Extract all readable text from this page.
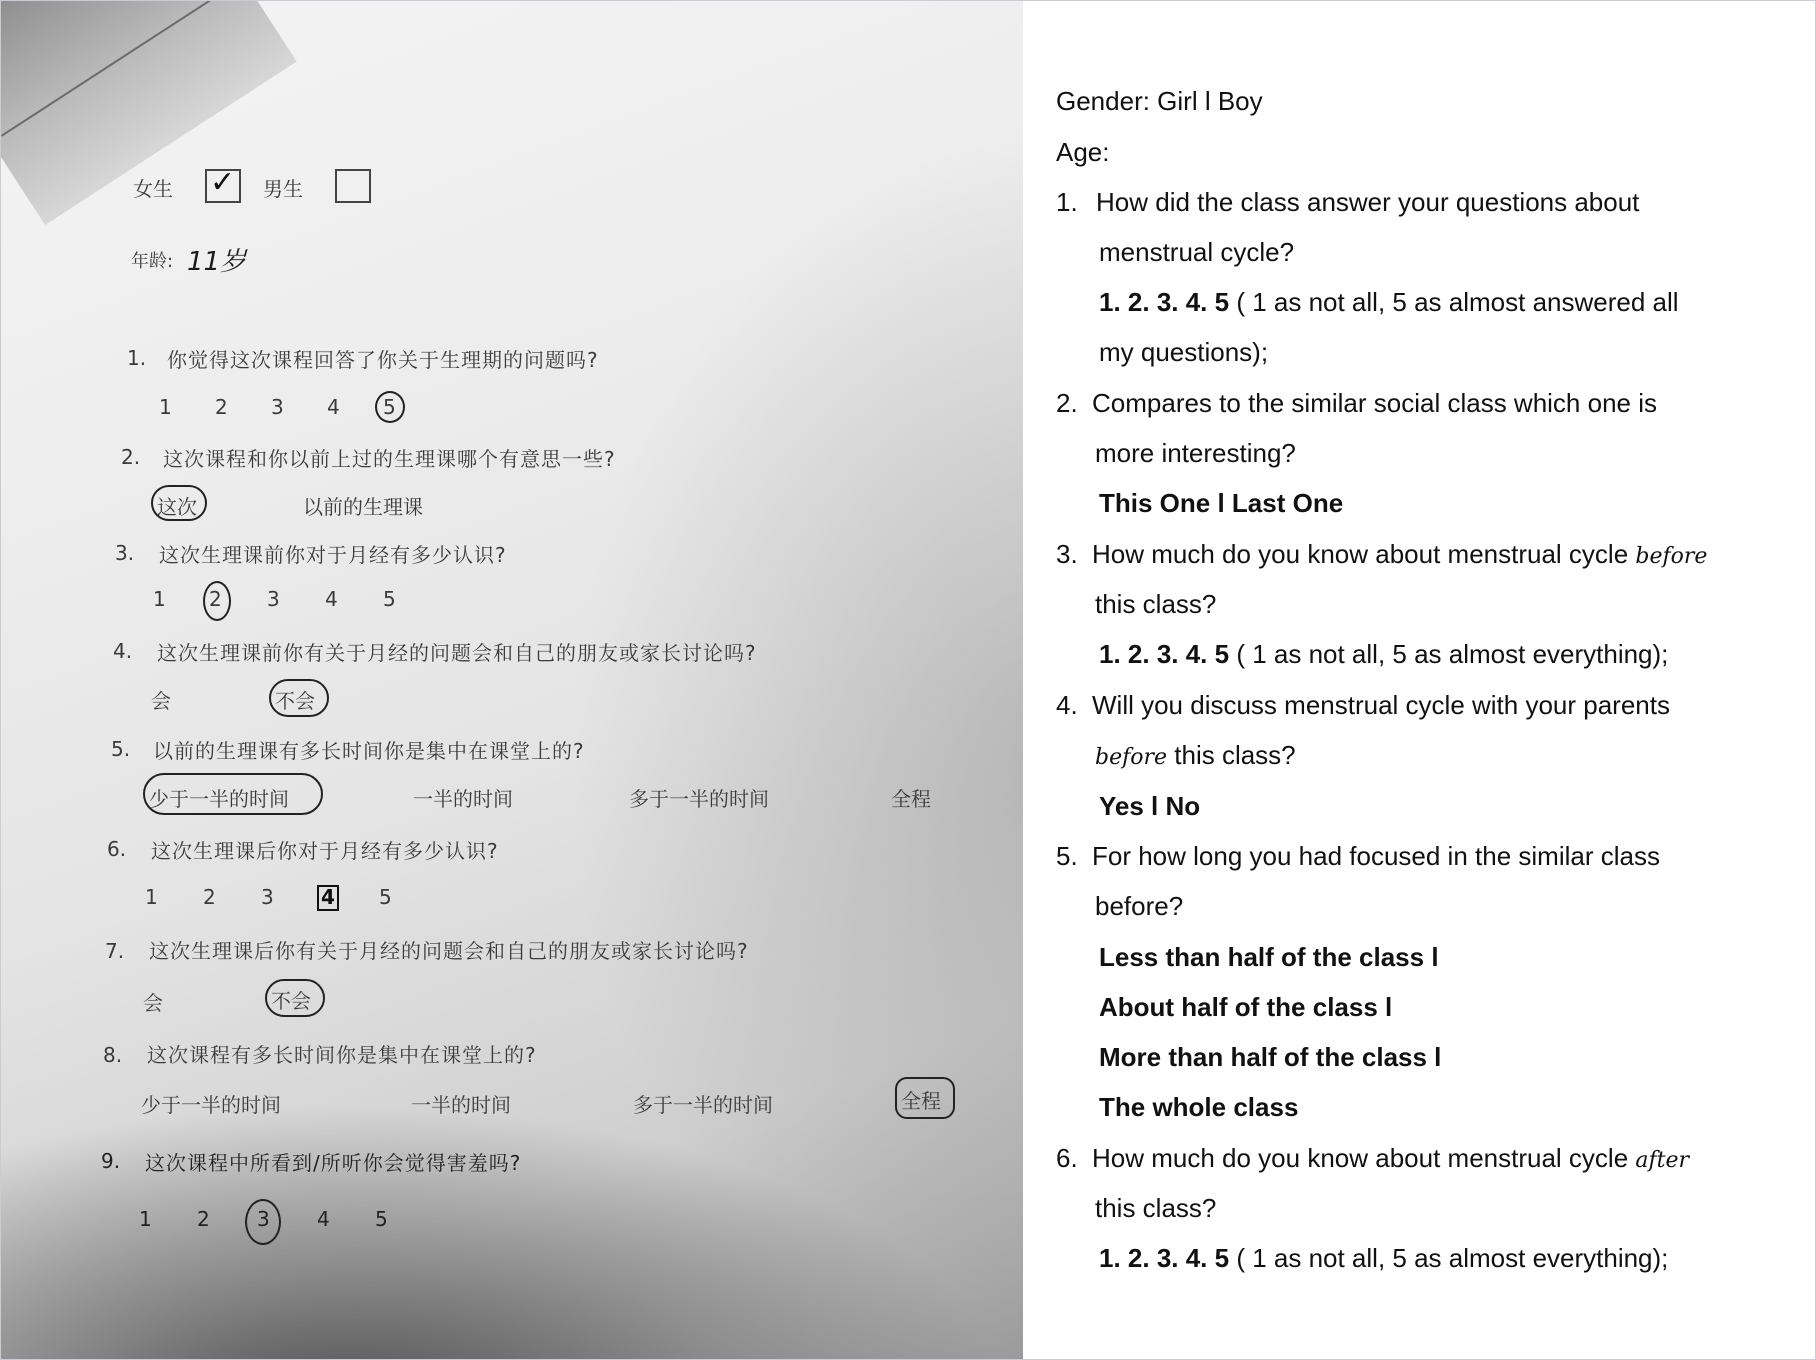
女生 ✓ 男生
年龄: 11岁
1. 你觉得这次课程回答了你关于生理期的问题吗?
1 2 3 4 5
2. 这次课程和你以前上过的生理课哪个有意思一些?
这次	以前的生理课
3. 这次生理课前你对于月经有多少认识?
1 2 3 4 5
4. 这次生理课前你有关于月经的问题会和自己的朋友或家长讨论吗?
会	不会
5. 以前的生理课有多长时间你是集中在课堂上的?
少于一半的时间	一半的时间	多于一半的时间	全程
6. 这次生理课后你对于月经有多少认识?
1 2 3 4 5
7. 这次生理课后你有关于月经的问题会和自己的朋友或家长讨论吗?
会	不会
8. 这次课程有多长时间你是集中在课堂上的?
少于一半的时间	一半的时间	多于一半的时间	全程
9. 这次课程中所看到/所听你会觉得害羞吗?
1 2 3 4 5
Gender: Girl l Boy
Age:
1. How did the class answer your questions about
menstrual cycle?
1. 2. 3. 4. 5 ( 1 as not all, 5 as almost answered all
my questions);
2. Compares to the similar social class which one is
more interesting?
This One l Last One
3. How much do you know about menstrual cycle before
this class?
1. 2. 3. 4. 5 ( 1 as not all, 5 as almost everything);
4. Will you discuss menstrual cycle with your parents
before this class?
Yes l No
5. For how long you had focused in the similar class
before?
Less than half of the class l
About half of the class l
More than half of the class l
The whole class
6. How much do you know about menstrual cycle after
this class?
1. 2. 3. 4. 5 ( 1 as not all, 5 as almost everything);
